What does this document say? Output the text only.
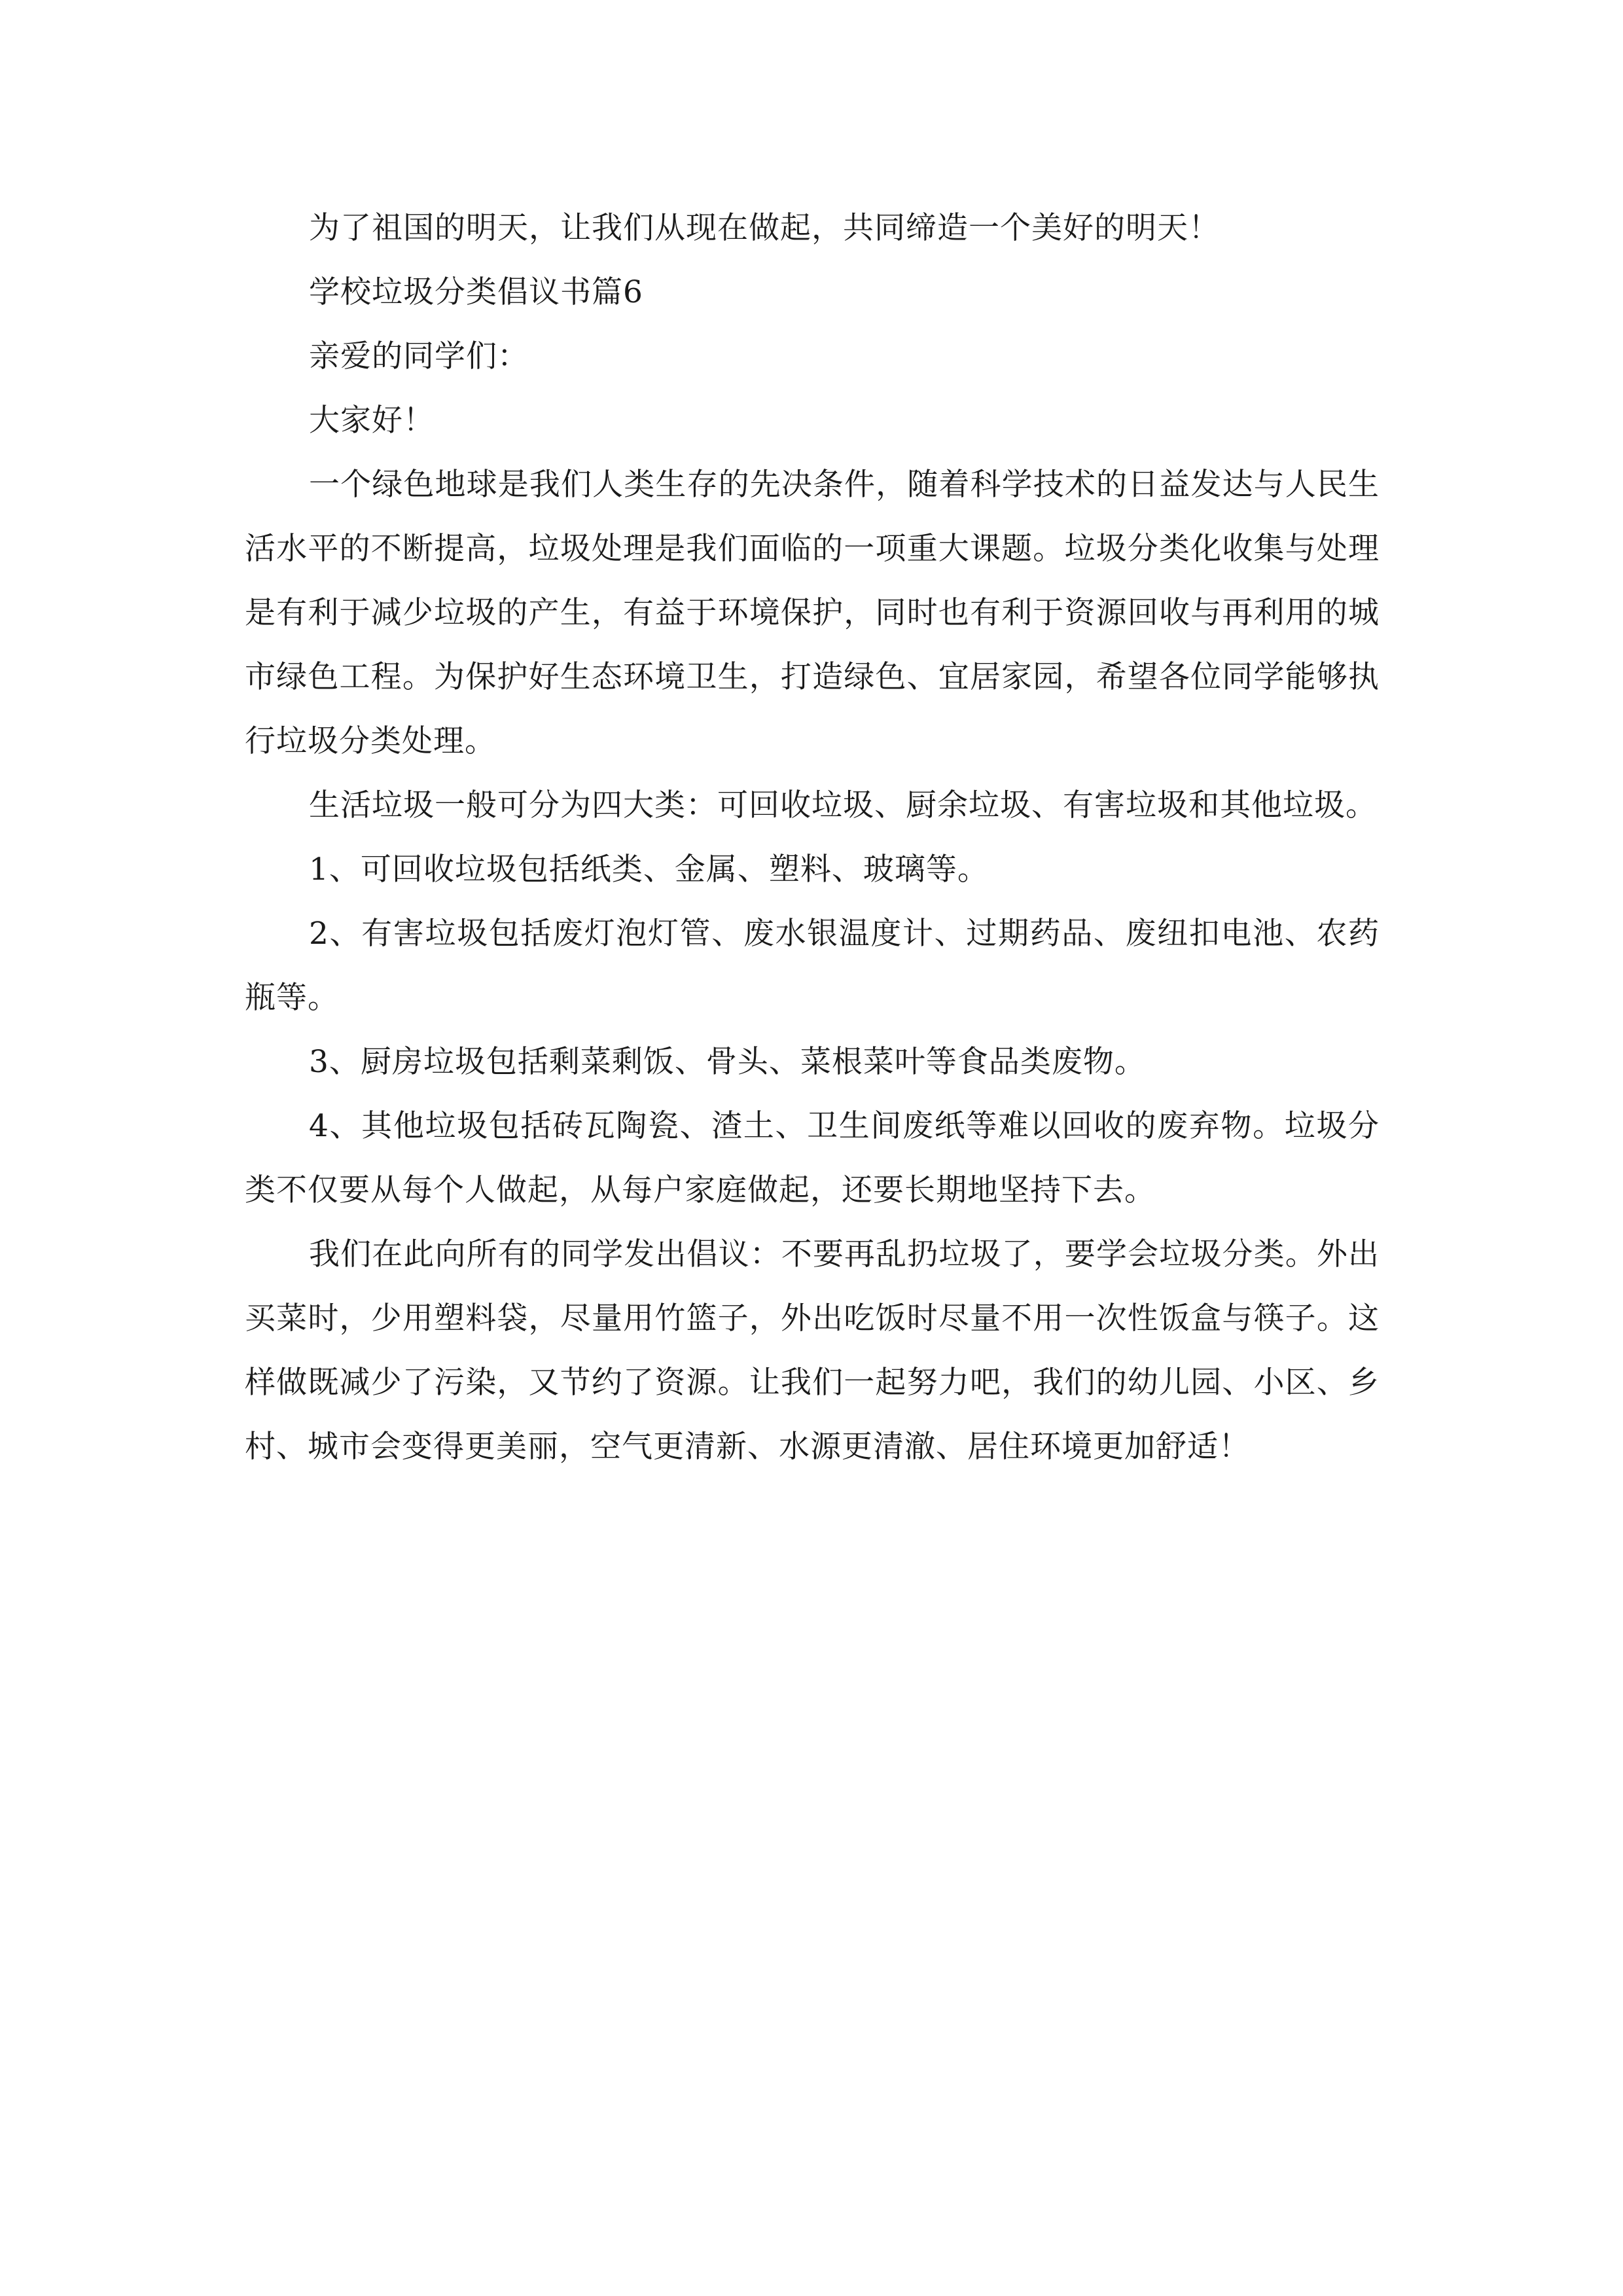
为了祖国的明天，让我们从现在做起，共同缔造一个美好的明天！

学校垃圾分类倡议书篇6

亲爱的同学们：

大家好！

一个绿色地球是我们人类生存的先决条件，随着科学技术的日益发达与人民生活水平的不断提高，垃圾处理是我们面临的一项重大课题。垃圾分类化收集与处理是有利于减少垃圾的产生，有益于环境保护，同时也有利于资源回收与再利用的城市绿色工程。为保护好生态环境卫生，打造绿色、宜居家园，希望各位同学能够执行垃圾分类处理。

生活垃圾一般可分为四大类：可回收垃圾、厨余垃圾、有害垃圾和其他垃圾。

1、可回收垃圾包括纸类、金属、塑料、玻璃等。

2、有害垃圾包括废灯泡灯管、废水银温度计、过期药品、废纽扣电池、农药瓶等。

3、厨房垃圾包括剩菜剩饭、骨头、菜根菜叶等食品类废物。

4、其他垃圾包括砖瓦陶瓷、渣土、卫生间废纸等难以回收的废弃物。垃圾分类不仅要从每个人做起，从每户家庭做起，还要长期地坚持下去。

我们在此向所有的同学发出倡议：不要再乱扔垃圾了，要学会垃圾分类。外出买菜时，少用塑料袋，尽量用竹篮子，外出吃饭时尽量不用一次性饭盒与筷子。这样做既减少了污染，又节约了资源。让我们一起努力吧，我们的幼儿园、小区、乡村、城市会变得更美丽，空气更清新、水源更清澈、居住环境更加舒适！
